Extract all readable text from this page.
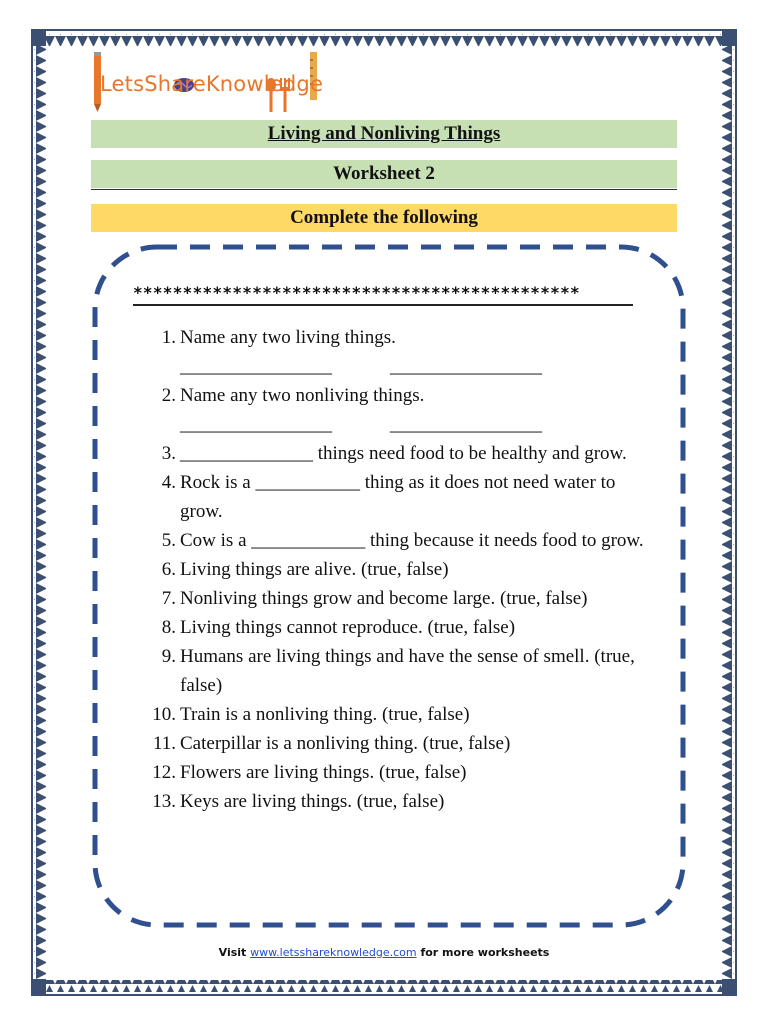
LetsShareKnowledge
Living and Nonliving Things
Worksheet 2
Complete the following
*********************************************
1. Name any two living things.
________________	________________
2. Name any two nonliving things.
________________	________________
3. ______________ things need food to be healthy and grow.
4. Rock is a ___________ thing as it does not need water to grow.
5. Cow is a ____________ thing because it needs food to grow.
6. Living things are alive. (true, false)
7. Nonliving things grow and become large. (true, false)
8. Living things cannot reproduce. (true, false)
9. Humans are living things and have the sense of smell. (true, false)
10. Train is a nonliving thing. (true, false)
11. Caterpillar is a nonliving thing. (true, false)
12. Flowers are living things. (true, false)
13. Keys are living things. (true, false)
Visit www.letsshareknowledge.com for more worksheets
